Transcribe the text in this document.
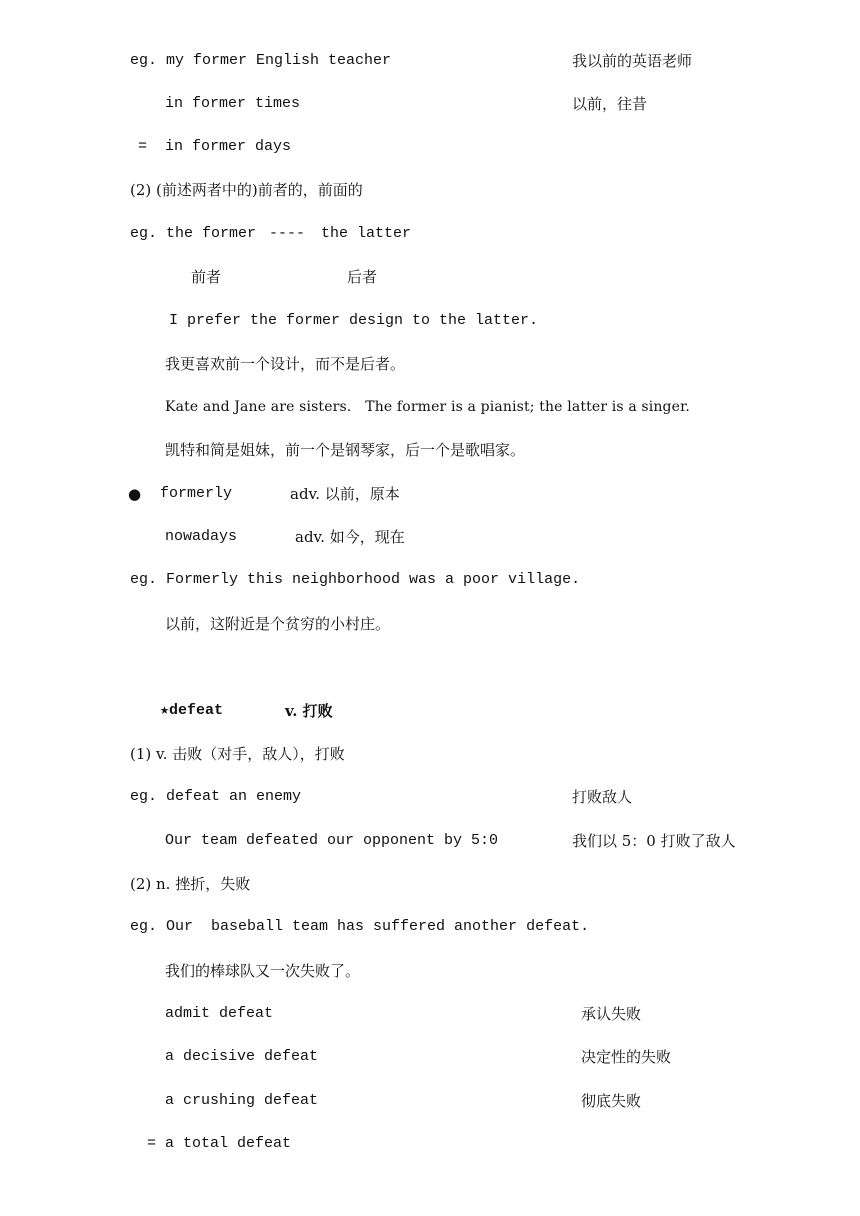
eg. my former English teacher	我以前的英语老师
in former times	以前，往昔
= in former days
(2) (前述两者中的)前者的，前面的
eg. the former ---- the latter
前者	后者
I prefer the former design to the latter.
我更喜欢前一个设计，而不是后者。
Kate and Jane are sisters.   The former is a pianist; the latter is a singer.
凯特和简是姐妹，前一个是钢琴家，后一个是歌唱家。
● formerly	adv. 以前，原本
nowadays	adv. 如今，现在
eg. Formerly this neighborhood was a poor village.
以前，这附近是个贫穷的小村庄。
★defeat	v. 打败
(1) v. 击败（对手，敌人），打败
eg. defeat an enemy	打败敌人
Our team defeated our opponent by 5:0	我们以 5：0 打败了敌人
(2) n. 挫折，失败
eg. Our  baseball team has suffered another defeat.
我们的棒球队又一次失败了。
admit defeat	承认失败
a decisive defeat	决定性的失败
a crushing defeat	彻底失败
= a total defeat
